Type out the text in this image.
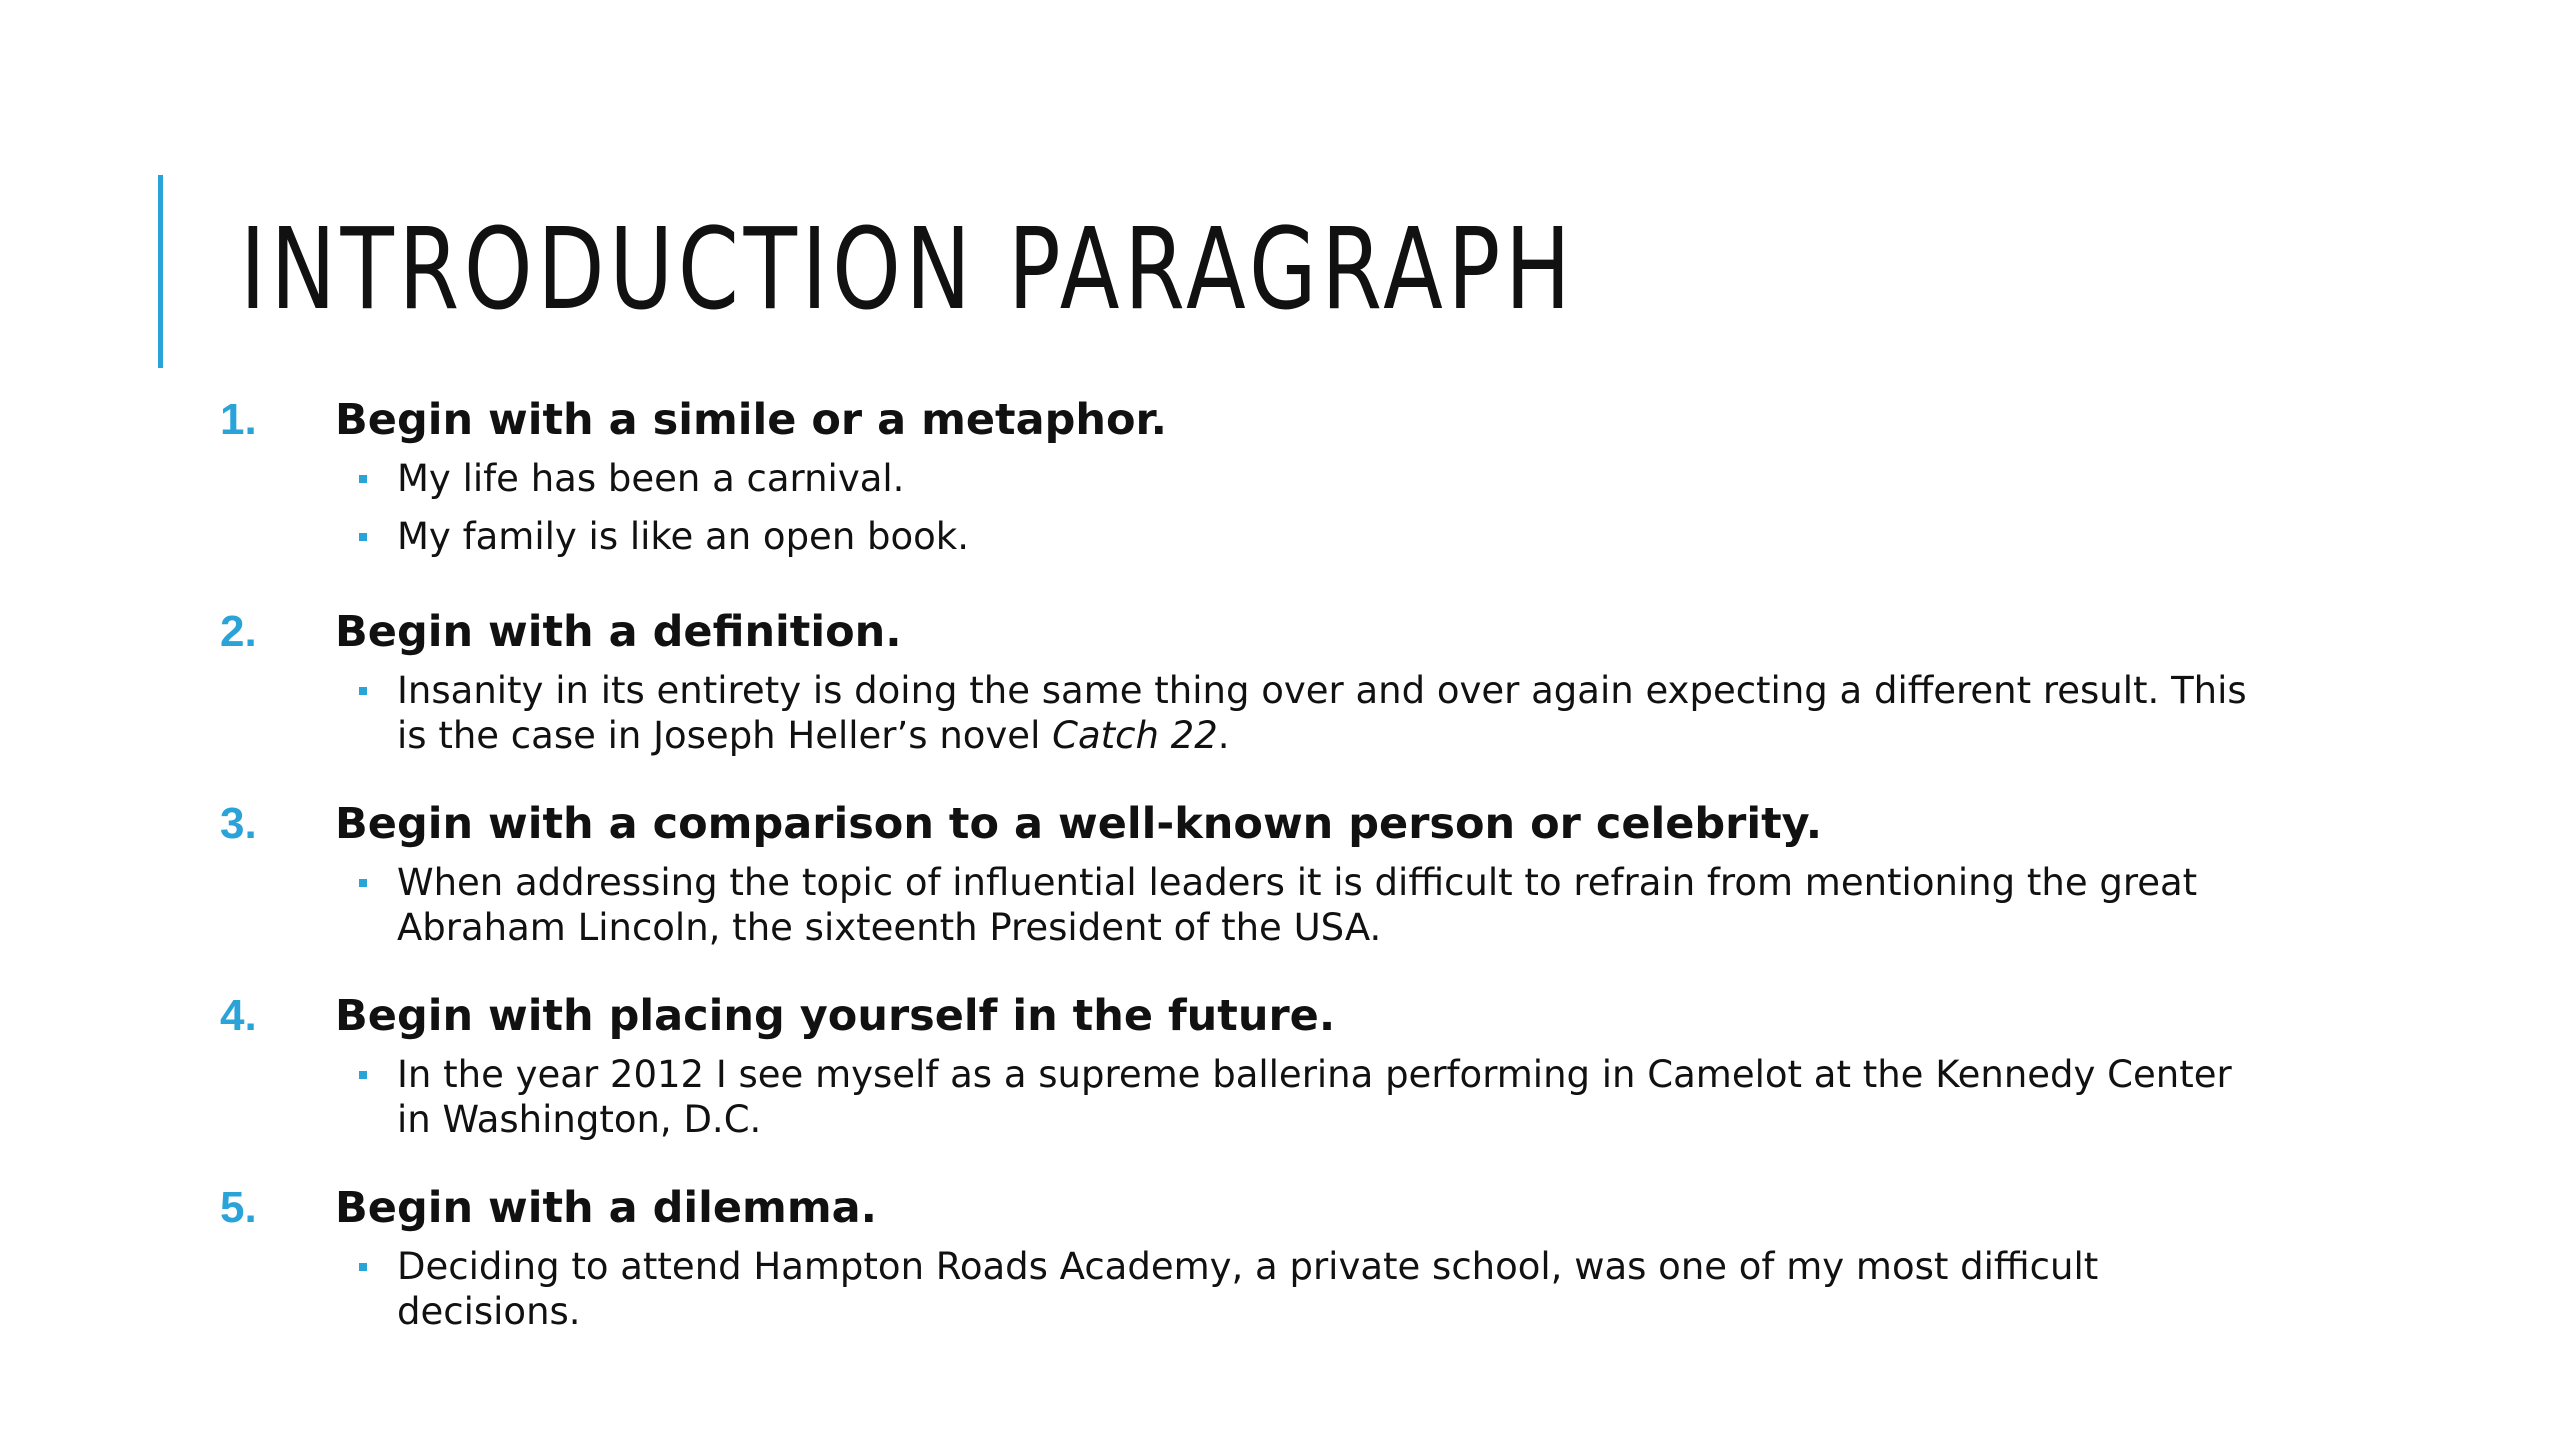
INTRODUCTION PARAGRAPH
1.	Begin with a simile or a metaphor.
My life has been a carnival.
My family is like an open book.
2.	Begin with a definition.
Insanity in its entirety is doing the same thing over and over again expecting a different result. This is the case in Joseph Heller’s novel Catch 22.
3.	Begin with a comparison to a well-known person or celebrity.
When addressing the topic of influential leaders it is difficult to refrain from mentioning the great Abraham Lincoln, the sixteenth President of the USA.
4.	Begin with placing yourself in the future.
In the year 2012 I see myself as a supreme ballerina performing in Camelot at the Kennedy Center in Washington, D.C.
5.	Begin with a dilemma.
Deciding to attend Hampton Roads Academy, a private school, was one of my most difficult decisions.
